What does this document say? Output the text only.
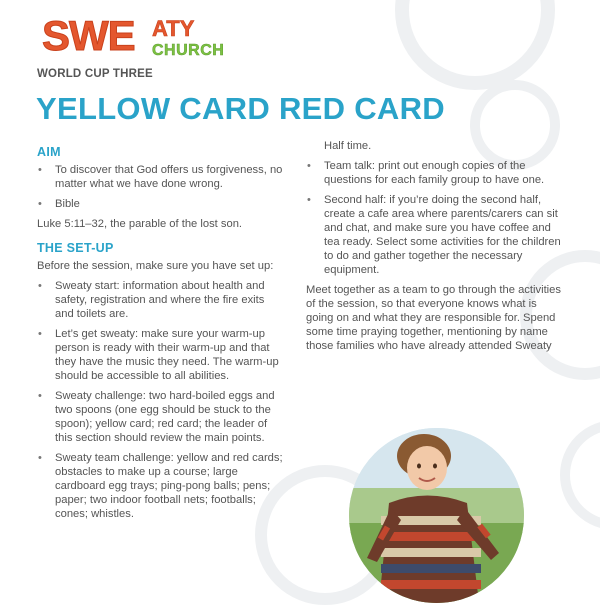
SWE ATY
CHURCH
WORLD CUP THREE
YELLOW CARD RED CARD
AIM
• To discover that God offers us forgiveness, no matter what we have done wrong.
• Bible

Luke 5:11–32, the parable of the lost son.

THE SET-UP

Before the session, make sure you have set up:

• Sweaty start: information about health and safety, registration and where the fire exits and toilets are.
• Let’s get sweaty: make sure your warm-up person is ready with their warm-up and that they have the music they need. The warm-up should be accessible to all abilities.
• Sweaty challenge: two hard-boiled eggs and two spoons (one egg should be stuck to the spoon); yellow card; red card; the leader of this section should review the main points.
• Sweaty team challenge: yellow and red cards; obstacles to make up a course; large cardboard egg trays; ping-pong balls; pens; paper; two indoor football nets; footballs; cones; whistles.

Half time.

• Team talk: print out enough copies of the questions for each family group to have one.
• Second half: if you’re doing the second half, create a cafe area where parents/carers can sit and chat, and make sure you have coffee and tea ready. Select some activities for the children to do and gather together the necessary equipment.

Meet together as a team to go through the activities of the session, so that everyone knows what is going on and what they are responsible for. Spend some time praying together, mentioning by name those families who have already attended Sweaty
